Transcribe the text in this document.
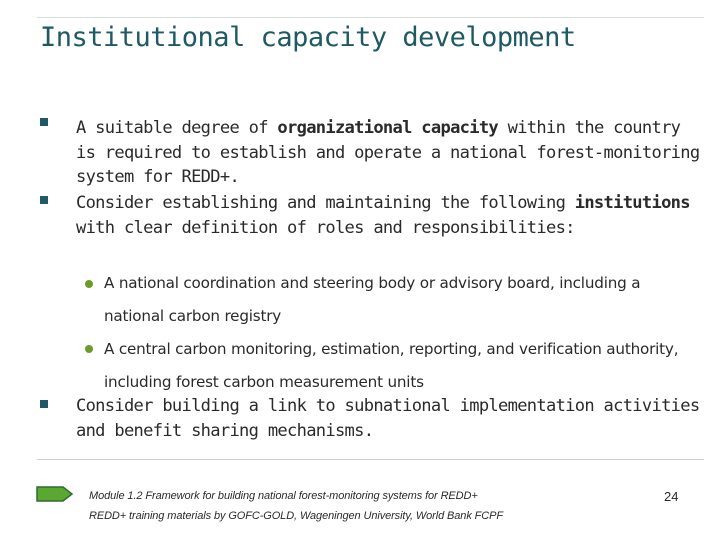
Institutional capacity development
A suitable degree of organizational capacity within the country is required to establish and operate a national forest-monitoring system for REDD+.
Consider establishing and maintaining the following institutions with clear definition of roles and responsibilities:
A national coordination and steering body or advisory board, including a national carbon registry
A central carbon monitoring, estimation, reporting, and verification authority, including forest carbon measurement units
Consider building a link to subnational implementation activities and benefit sharing mechanisms.
Module 1.2 Framework for building national forest-monitoring systems for REDD+
REDD+ training materials by GOFC-GOLD, Wageningen University, World Bank FCPF
24
